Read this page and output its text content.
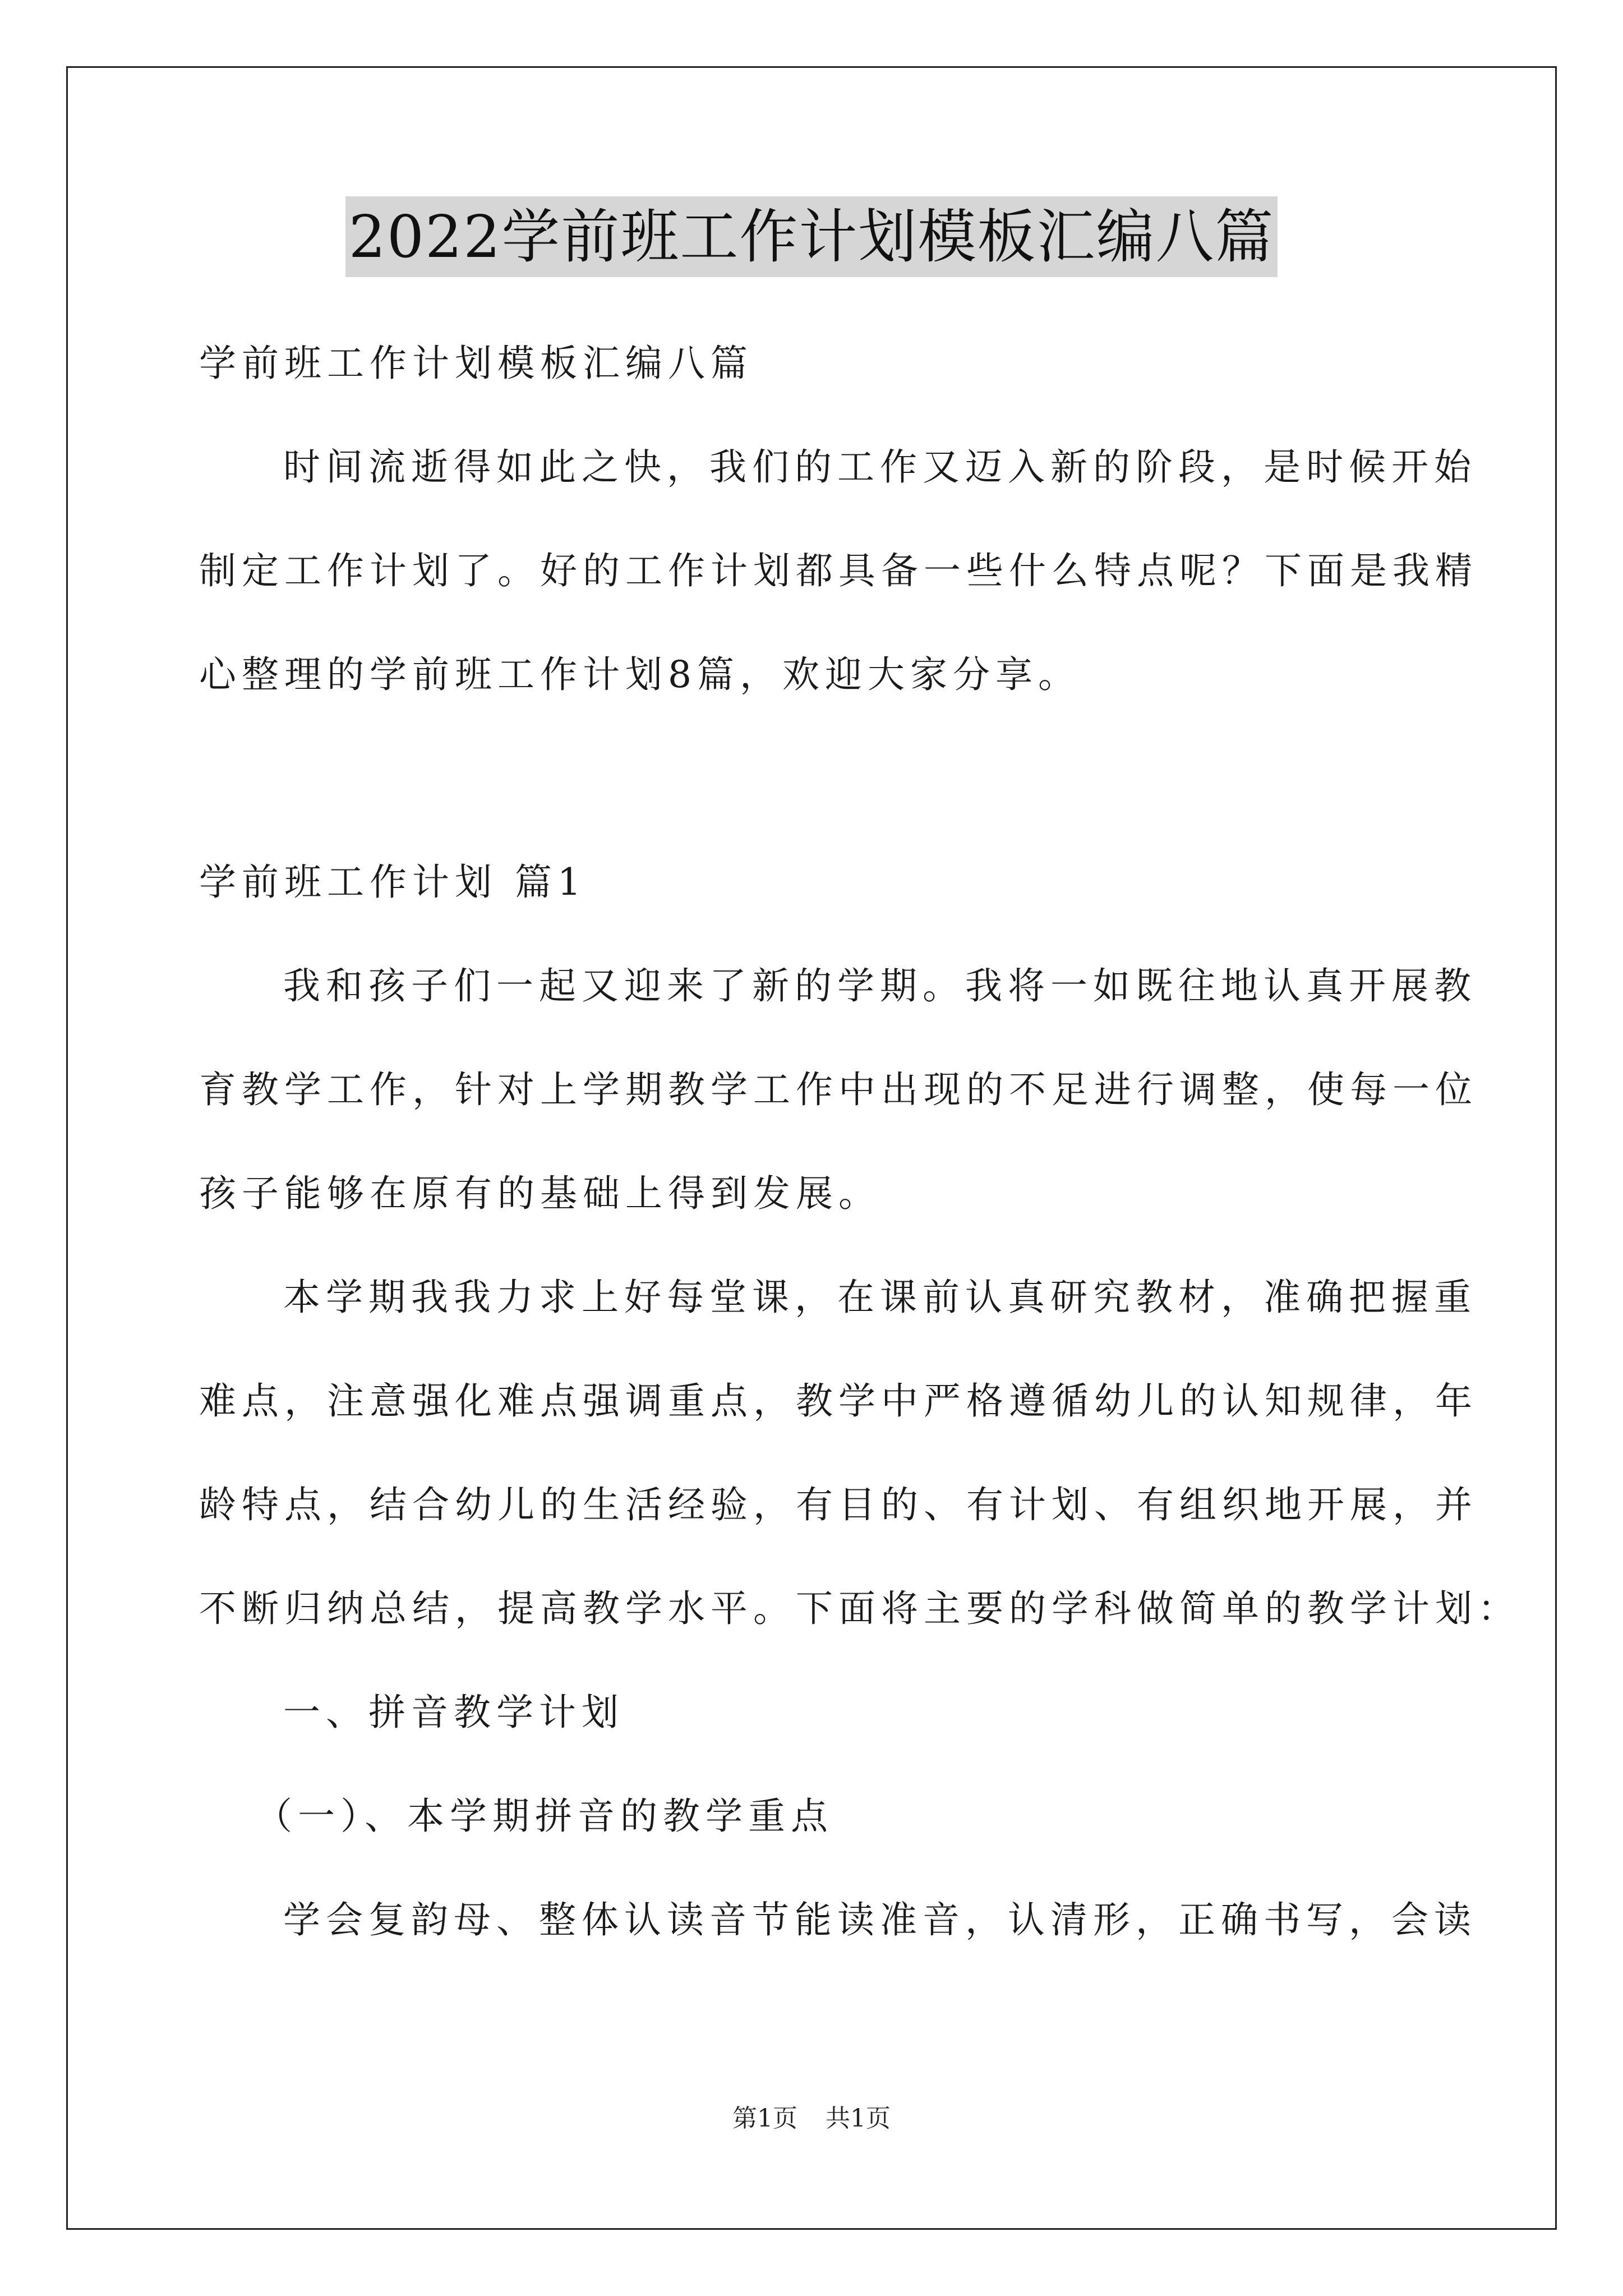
2022学前班工作计划模板汇编八篇
学前班工作计划模板汇编八篇
时间流逝得如此之快，我们的工作又迈入新的阶段，是时候开始
制定工作计划了。好的工作计划都具备一些什么特点呢？下面是我精
心整理的学前班工作计划8篇，欢迎大家分享。
学前班工作计划 篇1
我和孩子们一起又迎来了新的学期。我将一如既往地认真开展教
育教学工作，针对上学期教学工作中出现的不足进行调整，使每一位
孩子能够在原有的基础上得到发展。
本学期我我力求上好每堂课，在课前认真研究教材，准确把握重
难点，注意强化难点强调重点，教学中严格遵循幼儿的认知规律，年
龄特点，结合幼儿的生活经验，有目的、有计划、有组织地开展，并
不断归纳总结，提高教学水平。下面将主要的学科做简单的教学计划：
一、拼音教学计划
（一）、本学期拼音的教学重点
学会复韵母、整体认读音节能读准音，认清形，正确书写，会读
第1页 共1页
